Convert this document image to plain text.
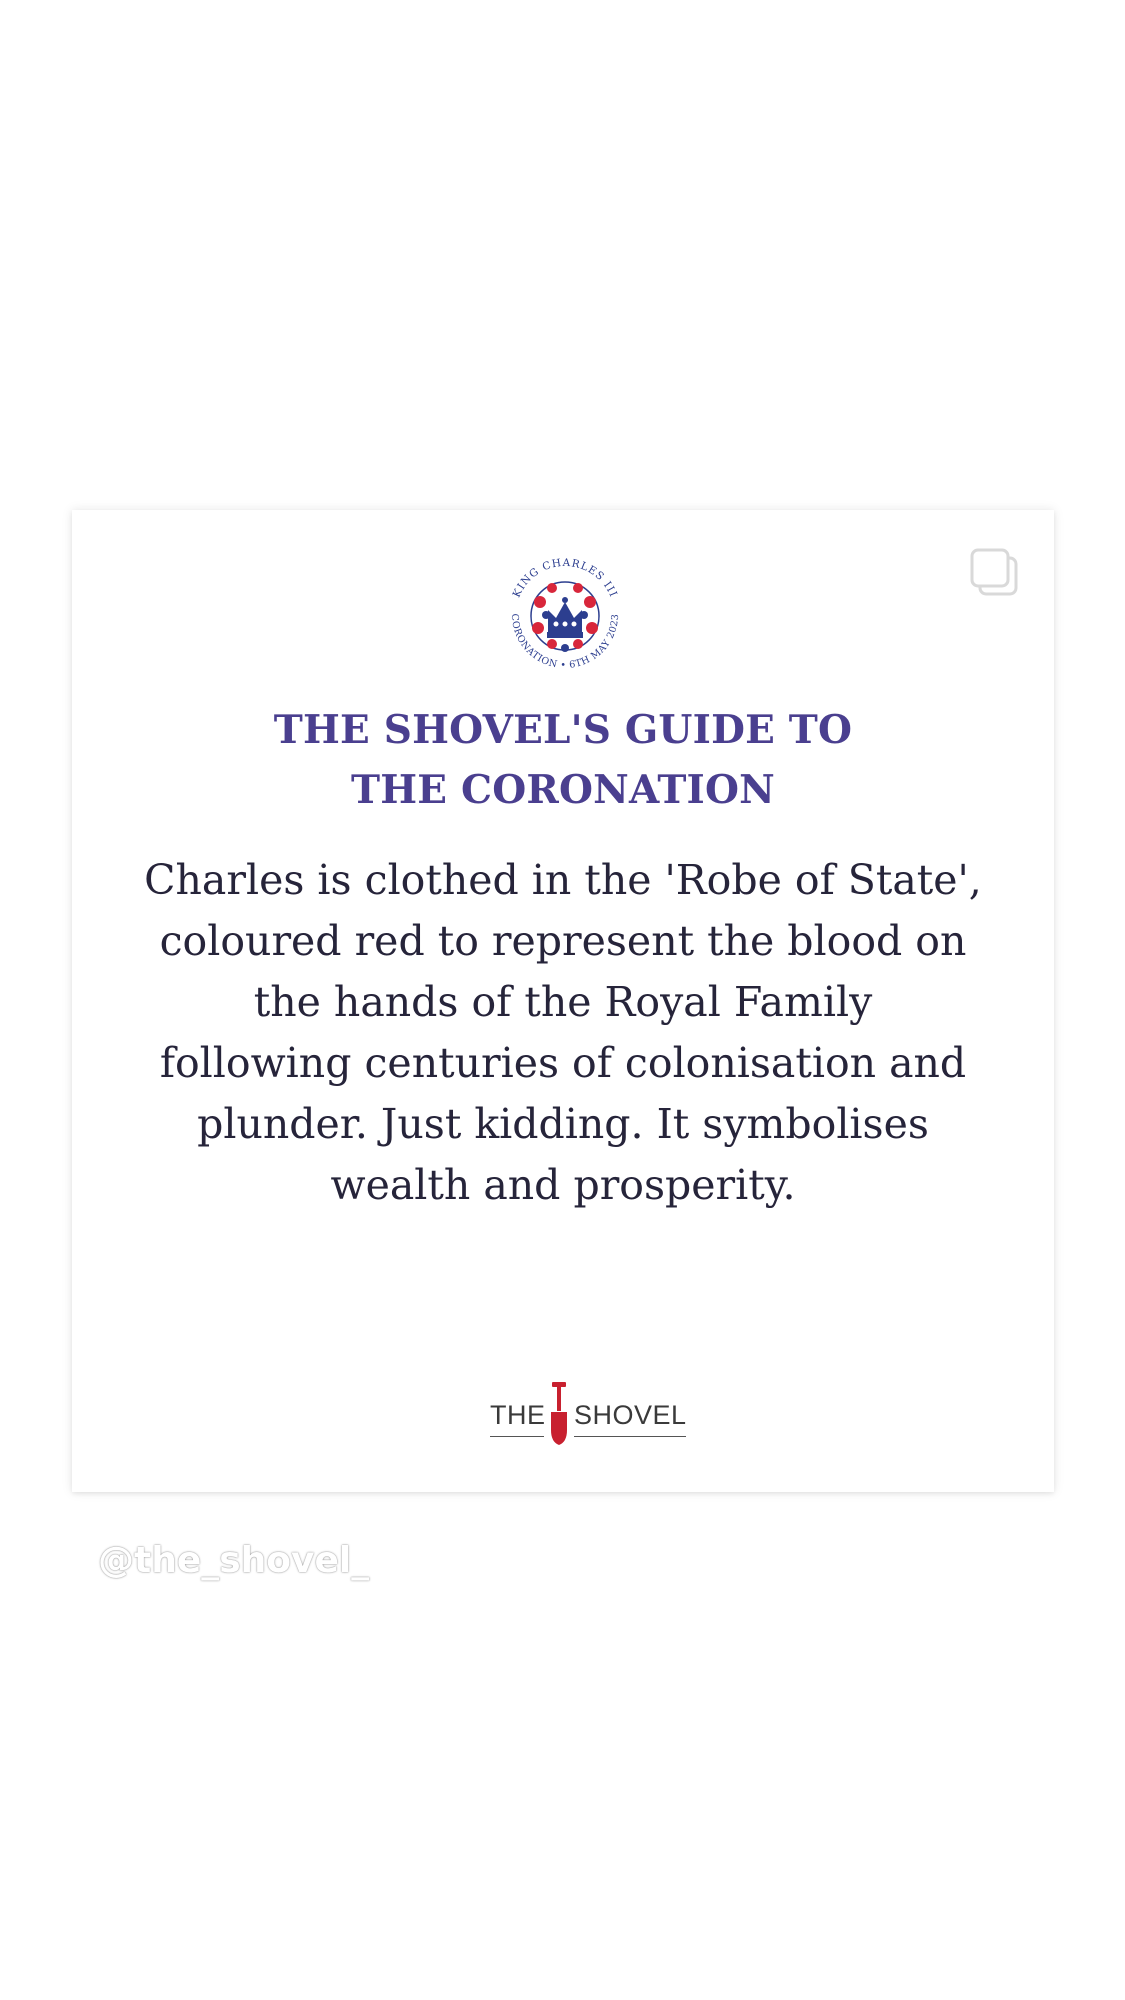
KING CHARLES III
CORONATION • 6TH MAY 2023
THE SHOVEL'S GUIDE TO
THE CORONATION
Charles is clothed in the 'Robe of State',
coloured red to represent the blood on
the hands of the Royal Family
following centuries of colonisation and
plunder. Just kidding. It symbolises
wealth and prosperity.
THE SHOVEL
@the_shovel_
